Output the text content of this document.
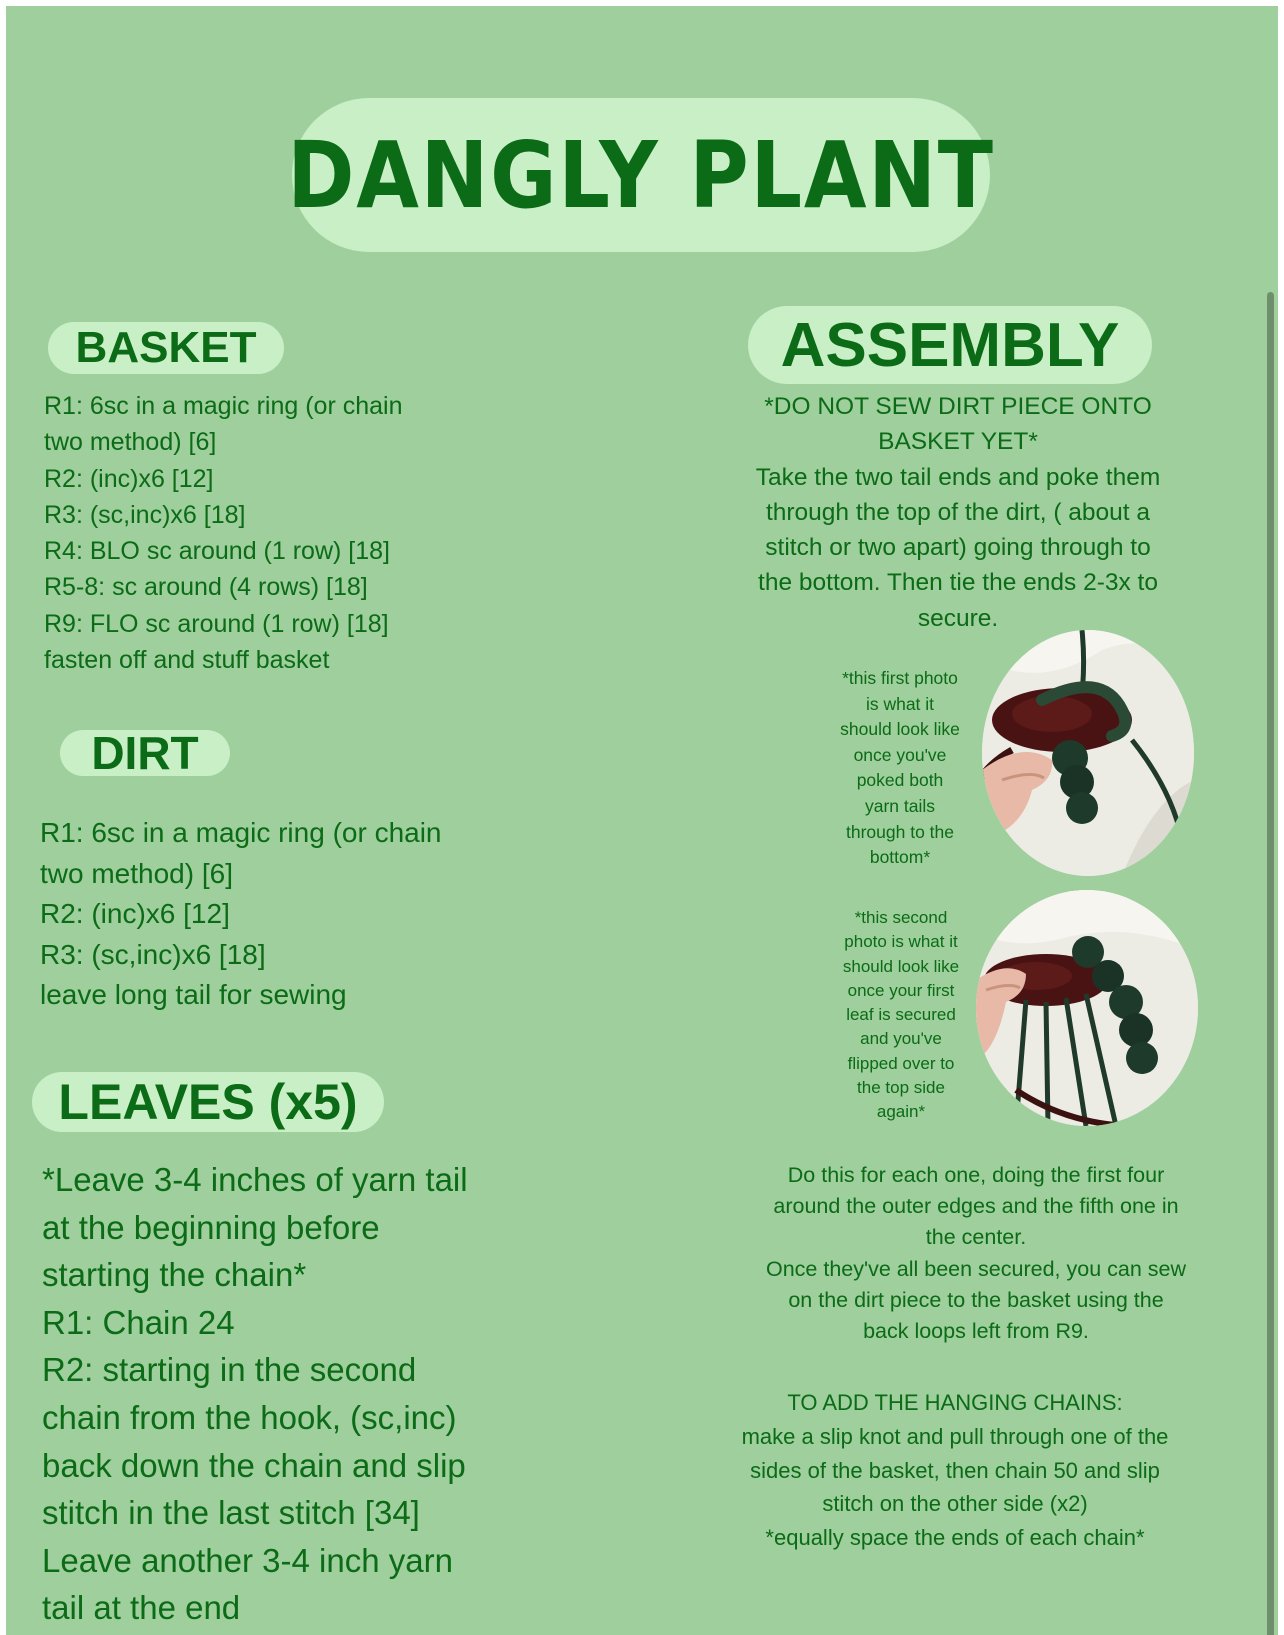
DANGLY PLANT
BASKET
R1: 6sc in a magic ring (or chain
two method) [6]
R2: (inc)x6 [12]
R3: (sc,inc)x6 [18]
R4: BLO sc around (1 row) [18]
R5-8: sc around (4 rows) [18]
R9: FLO sc around (1 row) [18]
fasten off and stuff basket
DIRT
R1: 6sc in a magic ring (or chain
two method) [6]
R2: (inc)x6 [12]
R3: (sc,inc)x6 [18]
leave long tail for sewing
LEAVES (x5)
*Leave 3-4 inches of yarn tail
at the beginning before
starting the chain*
R1: Chain 24
R2: starting in the second
chain from the hook, (sc,inc)
back down the chain and slip
stitch in the last stitch [34]
Leave another 3-4 inch yarn
tail at the end
ASSEMBLY
*DO NOT SEW DIRT PIECE ONTO
BASKET YET*
Take the two tail ends and poke them
through the top of the dirt, ( about a
stitch or two apart) going through to
the bottom. Then tie the ends 2-3x to
secure.
*this first photo
is what it
should look like
once you've
poked both
yarn tails
through to the
bottom*
*this second
photo is what it
should look like
once your first
leaf is secured
and you've
flipped over to
the top side
again*
Do this for each one, doing the first four
around the outer edges and the fifth one in
the center.
Once they've all been secured, you can sew
on the dirt piece to the basket using the
back loops left from R9.
TO ADD THE HANGING CHAINS:
make a slip knot and pull through one of the
sides of the basket, then chain 50 and slip
stitch on the other side (x2)
*equally space the ends of each chain*
